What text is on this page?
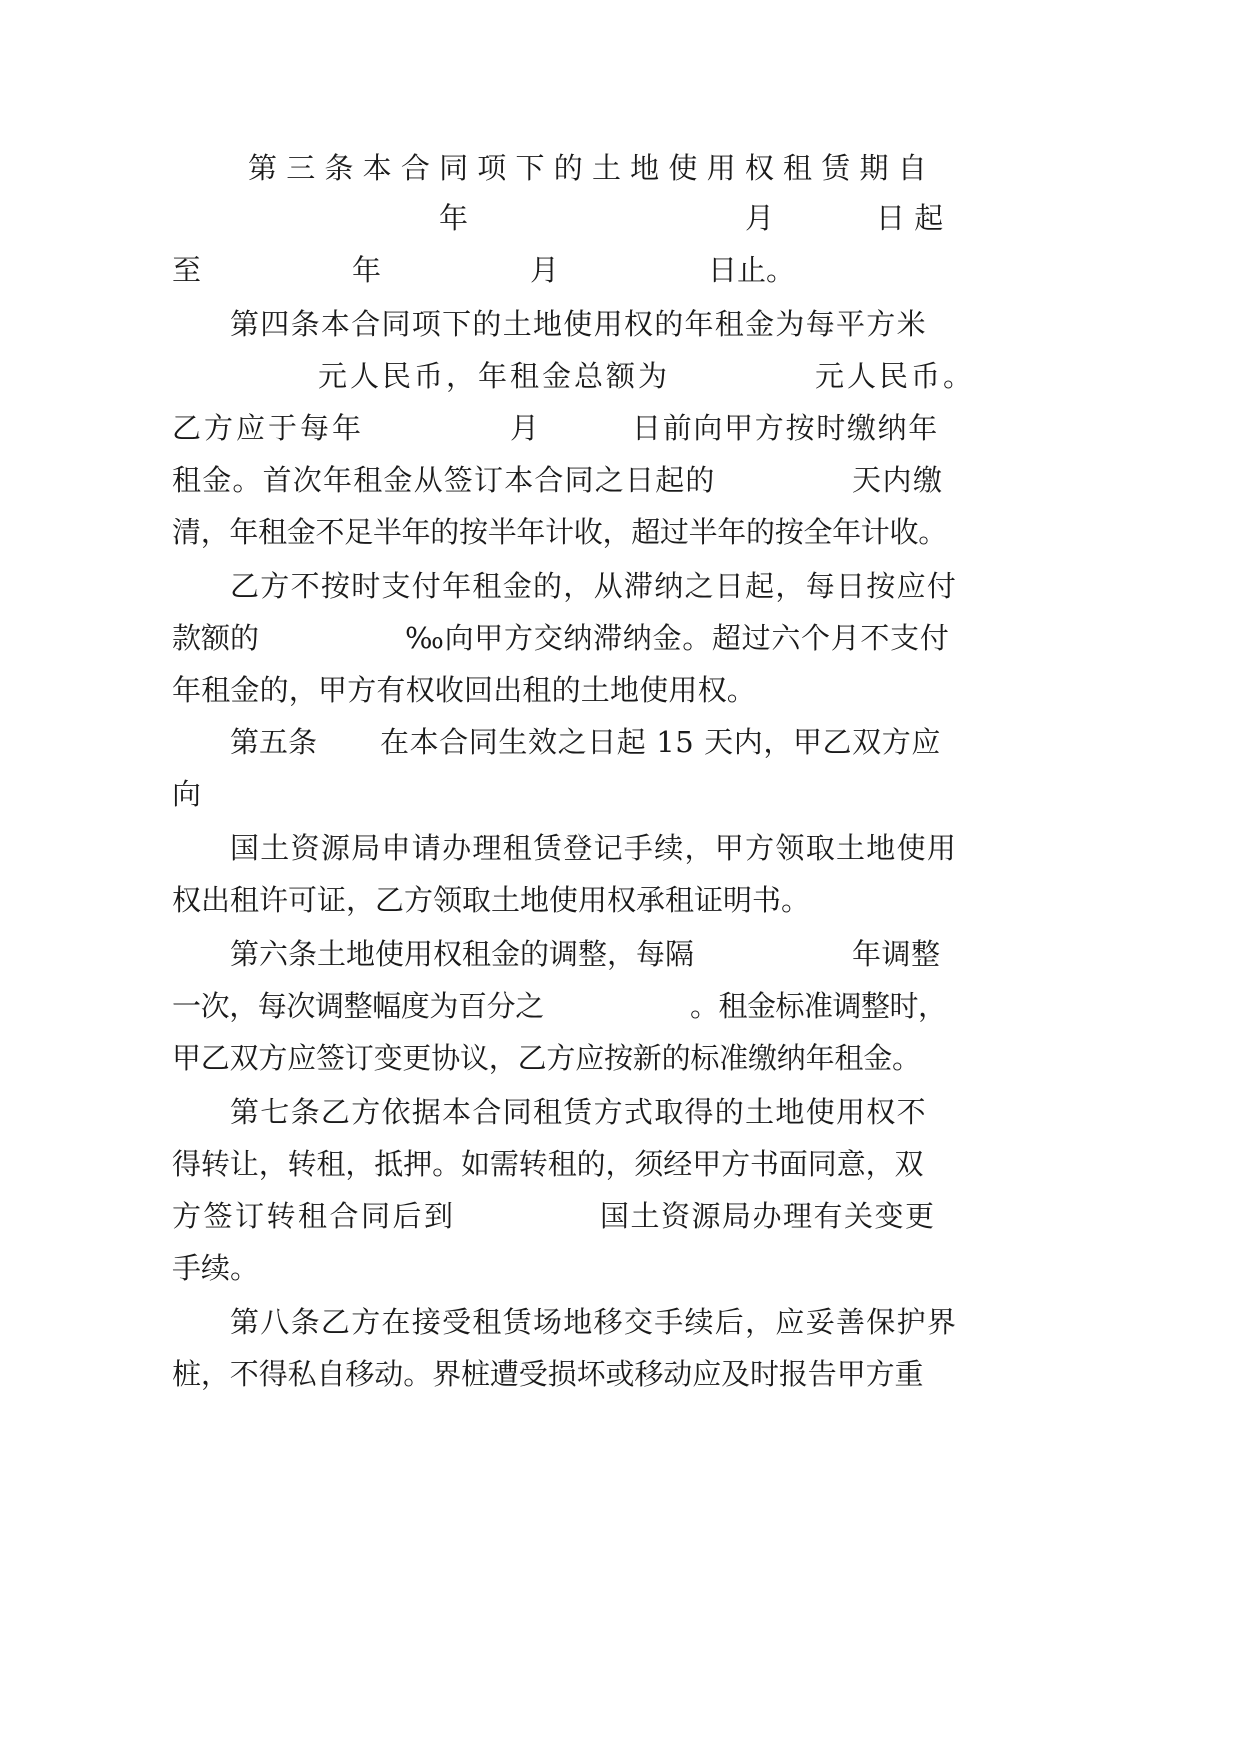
第 三 条 本 合 同 项 下 的 土 地 使 用 权 租 赁 期 自
年	月	日 起
至	年	月	日止。
第四条本合同项下的土地使用权的年租金为每平方米
元人民币，年租金总额为	元人民币。
乙方应于每年	月	日前向甲方按时缴纳年
租金。首次年租金从签订本合同之日起的	天内缴
清，年租金不足半年的按半年计收，超过半年的按全年计收。
乙方不按时支付年租金的，从滞纳之日起，每日按应付
款额的	‰向甲方交纳滞纳金。超过六个月不支付
年租金的，甲方有权收回出租的土地使用权。
第五条 在本合同生效之日起 15 天内，甲乙双方应
向
国土资源局申请办理租赁登记手续，甲方领取土地使用
权出租许可证，乙方领取土地使用权承租证明书。
第六条土地使用权租金的调整，每隔	年调整
一次，每次调整幅度为百分之	。租金标准调整时，
甲乙双方应签订变更协议，乙方应按新的标准缴纳年租金。
第七条乙方依据本合同租赁方式取得的土地使用权不
得转让，转租，抵押。如需转租的，须经甲方书面同意，双
方签订转租合同后到	国土资源局办理有关变更
手续。
第八条乙方在接受租赁场地移交手续后，应妥善保护界
桩，不得私自移动。界桩遭受损坏或移动应及时报告甲方重
